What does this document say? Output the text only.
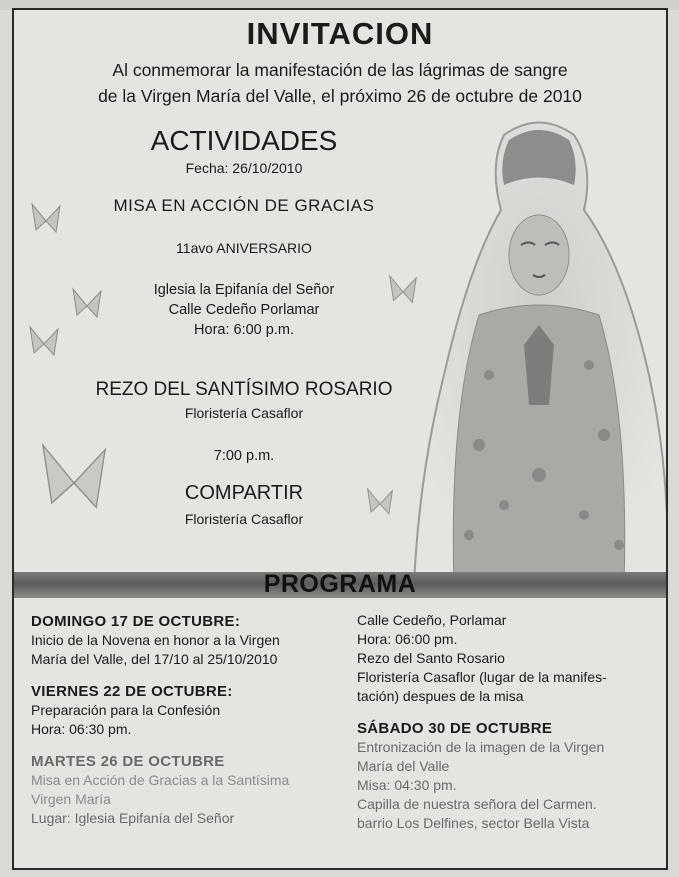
INVITACION
Al conmemorar la manifestación de las lágrimas de sangre
de la Virgen María del Valle, el próximo 26 de octubre de 2010
ACTIVIDADES
Fecha: 26/10/2010
MISA EN ACCIÓN DE GRACIAS
11avo ANIVERSARIO
Iglesia la Epifanía del Señor
Calle Cedeño Porlamar
Hora: 6:00 p.m.
REZO DEL SANTÍSIMO ROSARIO
Floristería Casaflor
7:00 p.m.
COMPARTIR
Floristería Casaflor
PROGRAMA
DOMINGO 17 DE OCTUBRE:
Inicio de la Novena en honor a la Virgen
María del Valle, del 17/10 al 25/10/2010
VIERNES 22 DE OCTUBRE:
Preparación para la Confesión
Hora: 06:30 pm.
MARTES 26 DE OCTUBRE
Misa en Acción de Gracias a la Santísima
Virgen María
Lugar: Iglesia Epifanía del Señor
Calle Cedeño, Porlamar
Hora: 06:00 pm.
Rezo del Santo Rosario
Floristería Casaflor (lugar de la manifes-
tación) despues de la misa
SÁBADO 30 DE OCTUBRE
Entronización de la imagen de la Virgen
María del Valle
Misa: 04:30 pm.
Capilla de nuestra señora del Carmen.
barrio Los Delfines, sector Bella Vista
